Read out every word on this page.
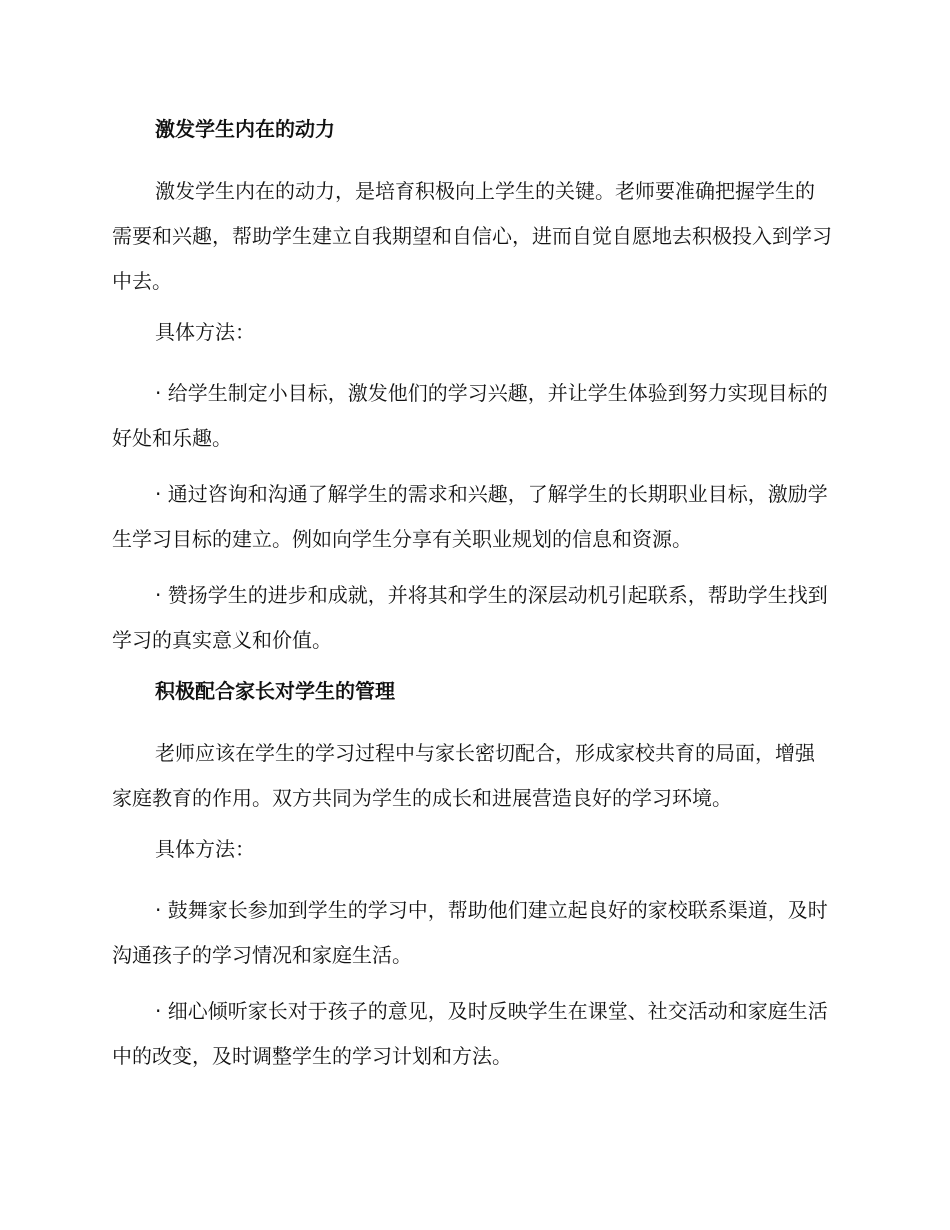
激发学生内在的动力

激发学生内在的动力，是培育积极向上学生的关键。老师要准确把握学生的需要和兴趣，帮助学生建立自我期望和自信心，进而自觉自愿地去积极投入到学习中去。

具体方法：

· 给学生制定小目标，激发他们的学习兴趣，并让学生体验到努力实现目标的好处和乐趣。

· 通过咨询和沟通了解学生的需求和兴趣，了解学生的长期职业目标，激励学生学习目标的建立。例如向学生分享有关职业规划的信息和资源。

· 赞扬学生的进步和成就，并将其和学生的深层动机引起联系，帮助学生找到学习的真实意义和价值。

积极配合家长对学生的管理

老师应该在学生的学习过程中与家长密切配合，形成家校共育的局面，增强家庭教育的作用。双方共同为学生的成长和进展营造良好的学习环境。

具体方法：

· 鼓舞家长参加到学生的学习中，帮助他们建立起良好的家校联系渠道，及时沟通孩子的学习情况和家庭生活。

· 细心倾听家长对于孩子的意见，及时反映学生在课堂、社交活动和家庭生活中的改变，及时调整学生的学习计划和方法。
